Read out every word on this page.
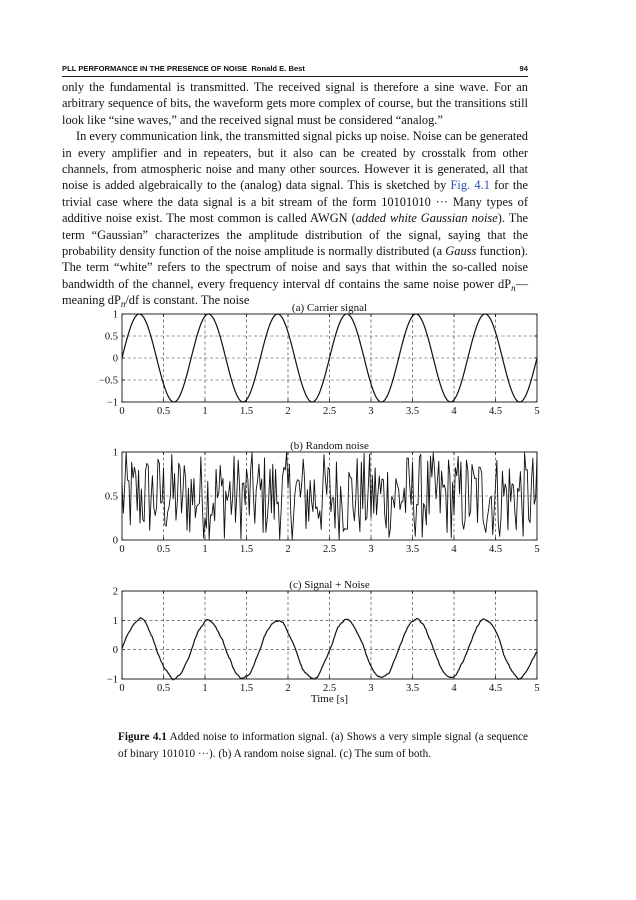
PLL PERFORMANCE IN THE PRESENCE OF NOISE Ronald E. Best	94

only the fundamental is transmitted. The received signal is therefore a sine wave. For an arbitrary sequence of bits, the waveform gets more complex of course, but the transitions still look like “sine waves,” and the received signal must be considered “analog.”

In every communication link, the transmitted signal picks up noise. Noise can be generated in every amplifier and in repeaters, but it also can be created by crosstalk from other channels, from atmospheric noise and many other sources. However it is generated, all that noise is added algebraically to the (analog) data signal. This is sketched by Fig. 4.1 for the trivial case where the data signal is a bit stream of the form 10101010 ··· Many types of additive noise exist. The most common is called AWGN (added white Gaussian noise). The term “Gaussian” characterizes the amplitude distribution of the signal, saying that the probability density function of the noise amplitude is normally distributed (a Gauss function). The term “white” refers to the spectrum of noise and says that within the so-called noise bandwidth of the channel, every frequency interval df contains the same noise power $dP_n—meaning$ $dP_n/df$ is constant. The noise

(a) Carrier signal
0	0.5	1	1.5	2	2.5	3	3.5	4	4.5	5
1
0.5
0
−0.5
−1
(b) Random noise
0	0.5	1	1.5	2	2.5	3	3.5	4	4.5	5
1
0.5
0
(c) Signal + Noise
0	0.5	1	1.5	2	2.5	3	3.5	4	4.5	5
2
1
0
−1
Time [s]
Figure 4.1 Added noise to information signal. (a) Shows a very simple signal (a sequence of binary 101010 ···). (b) A random noise signal. (c) The sum of both.
